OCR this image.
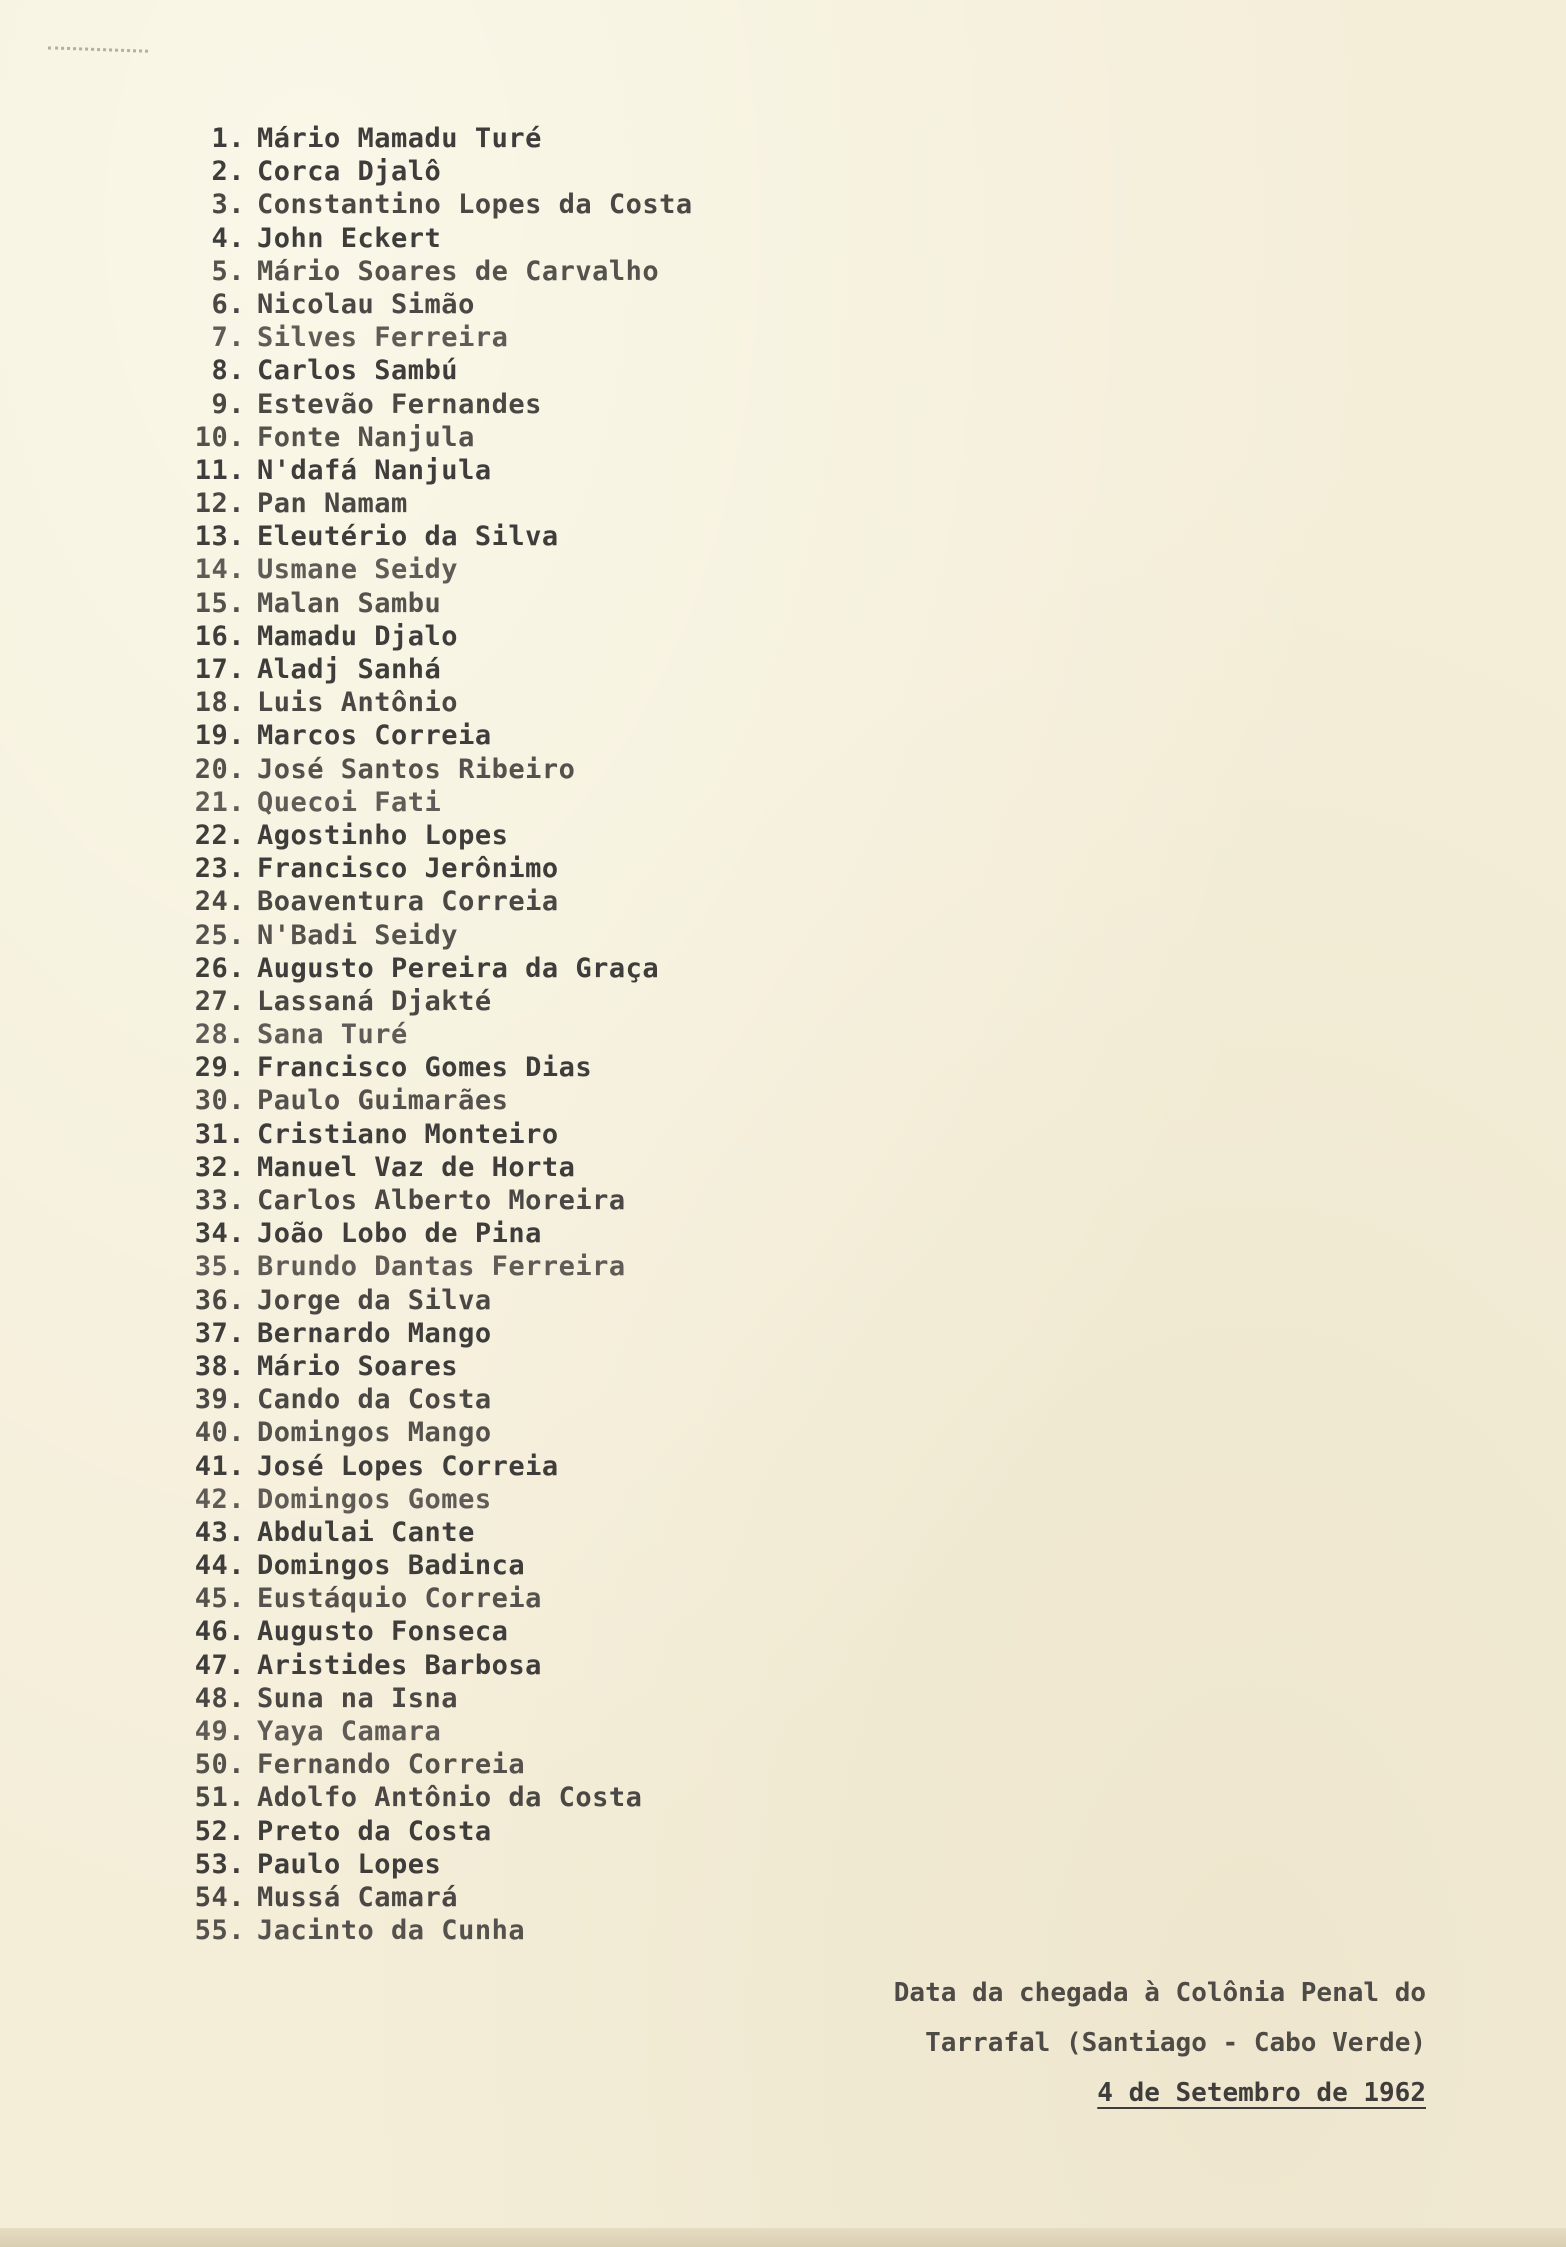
1. Mário Mamadu Turé
2. Corca Djalô
3. Constantino Lopes da Costa
4. John Eckert
5. Mário Soares de Carvalho
6. Nicolau Simão
7. Silves Ferreira
8. Carlos Sambú
9. Estevão Fernandes
10. Fonte Nanjula
11. N'dafá Nanjula
12. Pan Namam
13. Eleutério da Silva
14. Usmane Seidy
15. Malan Sambu
16. Mamadu Djalo
17. Aladj Sanhá
18. Luis Antônio
19. Marcos Correia
20. José Santos Ribeiro
21. Quecoi Fati
22. Agostinho Lopes
23. Francisco Jerônimo
24. Boaventura Correia
25. N'Badi Seidy
26. Augusto Pereira da Graça
27. Lassaná Djakté
28. Sana Turé
29. Francisco Gomes Dias
30. Paulo Guimarães
31. Cristiano Monteiro
32. Manuel Vaz de Horta
33. Carlos Alberto Moreira
34. João Lobo de Pina
35. Brundo Dantas Ferreira
36. Jorge da Silva
37. Bernardo Mango
38. Mário Soares
39. Cando da Costa
40. Domingos Mango
41. José Lopes Correia
42. Domingos Gomes
43. Abdulai Cante
44. Domingos Badinca
45. Eustáquio Correia
46. Augusto Fonseca
47. Aristides Barbosa
48. Suna na Isna
49. Yaya Camara
50. Fernando Correia
51. Adolfo Antônio da Costa
52. Preto da Costa
53. Paulo Lopes
54. Mussá Camará
55. Jacinto da Cunha
Data da chegada à Colônia Penal do
Tarrafal (Santiago - Cabo Verde)
4 de Setembro de 1962
